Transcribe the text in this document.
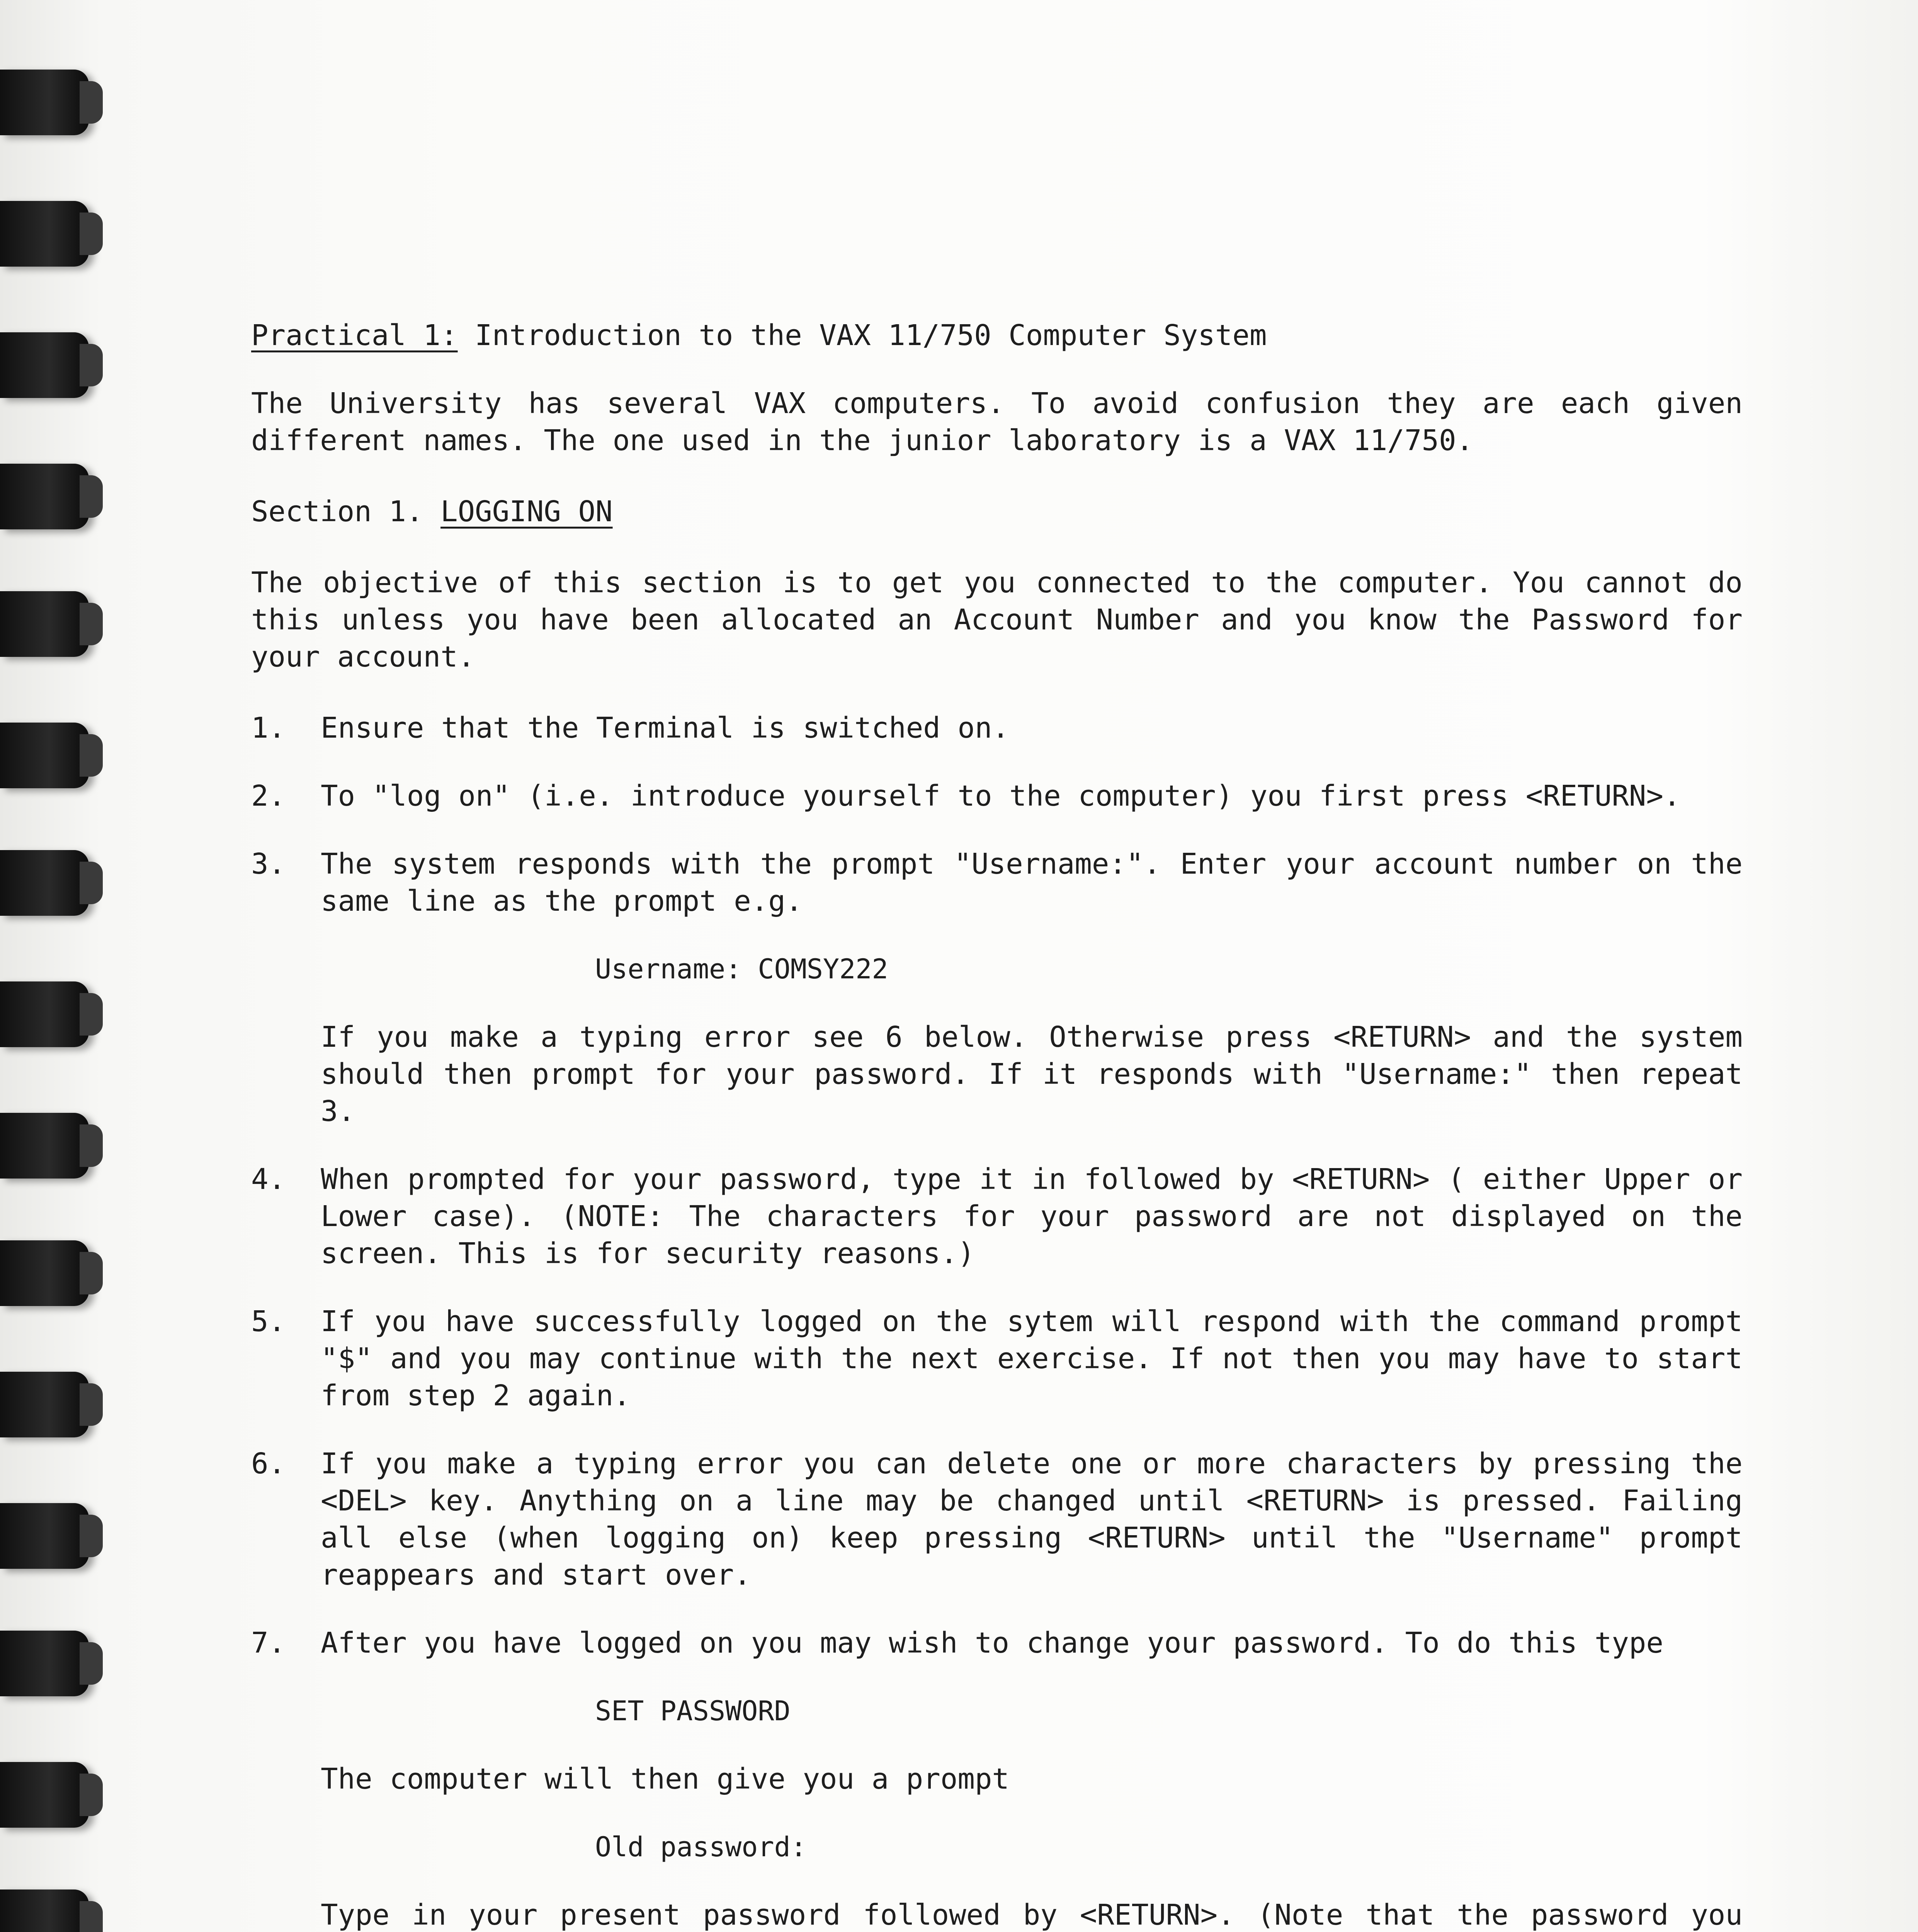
Practical 1: Introduction to the VAX 11/750 Computer System
The University has several VAX computers. To avoid confusion they are each given different names. The one used in the junior laboratory is a VAX 11/750.
Section 1. LOGGING ON
The objective of this section is to get you connected to the computer. You cannot do this unless you have been allocated an Account Number and you know the Password for your account.
1.	Ensure that the Terminal is switched on.
2.	To "log on" (i.e. introduce yourself to the computer) you first press <RETURN>.
3.	The system responds with the prompt "Username:". Enter your account number on the same line as the prompt e.g.
Username: COMSY222
If you make a typing error see 6 below. Otherwise press <RETURN> and the system should then prompt for your password. If it responds with "Username:" then repeat 3.
4.	When prompted for your password, type it in followed by <RETURN> ( either Upper or Lower case). (NOTE: The characters for your password are not displayed on the screen. This is for security reasons.)
5.	If you have successfully logged on the sytem will respond with the command prompt "$" and you may continue with the next exercise. If not then you may have to start from step 2 again.
6.	If you make a typing error you can delete one or more characters by pressing the <DEL> key. Anything on a line may be changed until <RETURN> is pressed. Failing all else (when logging on) keep pressing <RETURN> until the "Username" prompt reappears and start over.
7.	After you have logged on you may wish to change your password. To do this type
SET PASSWORD
The computer will then give you a prompt
Old password:
Type in your present password followed by <RETURN>. (Note that the password you
